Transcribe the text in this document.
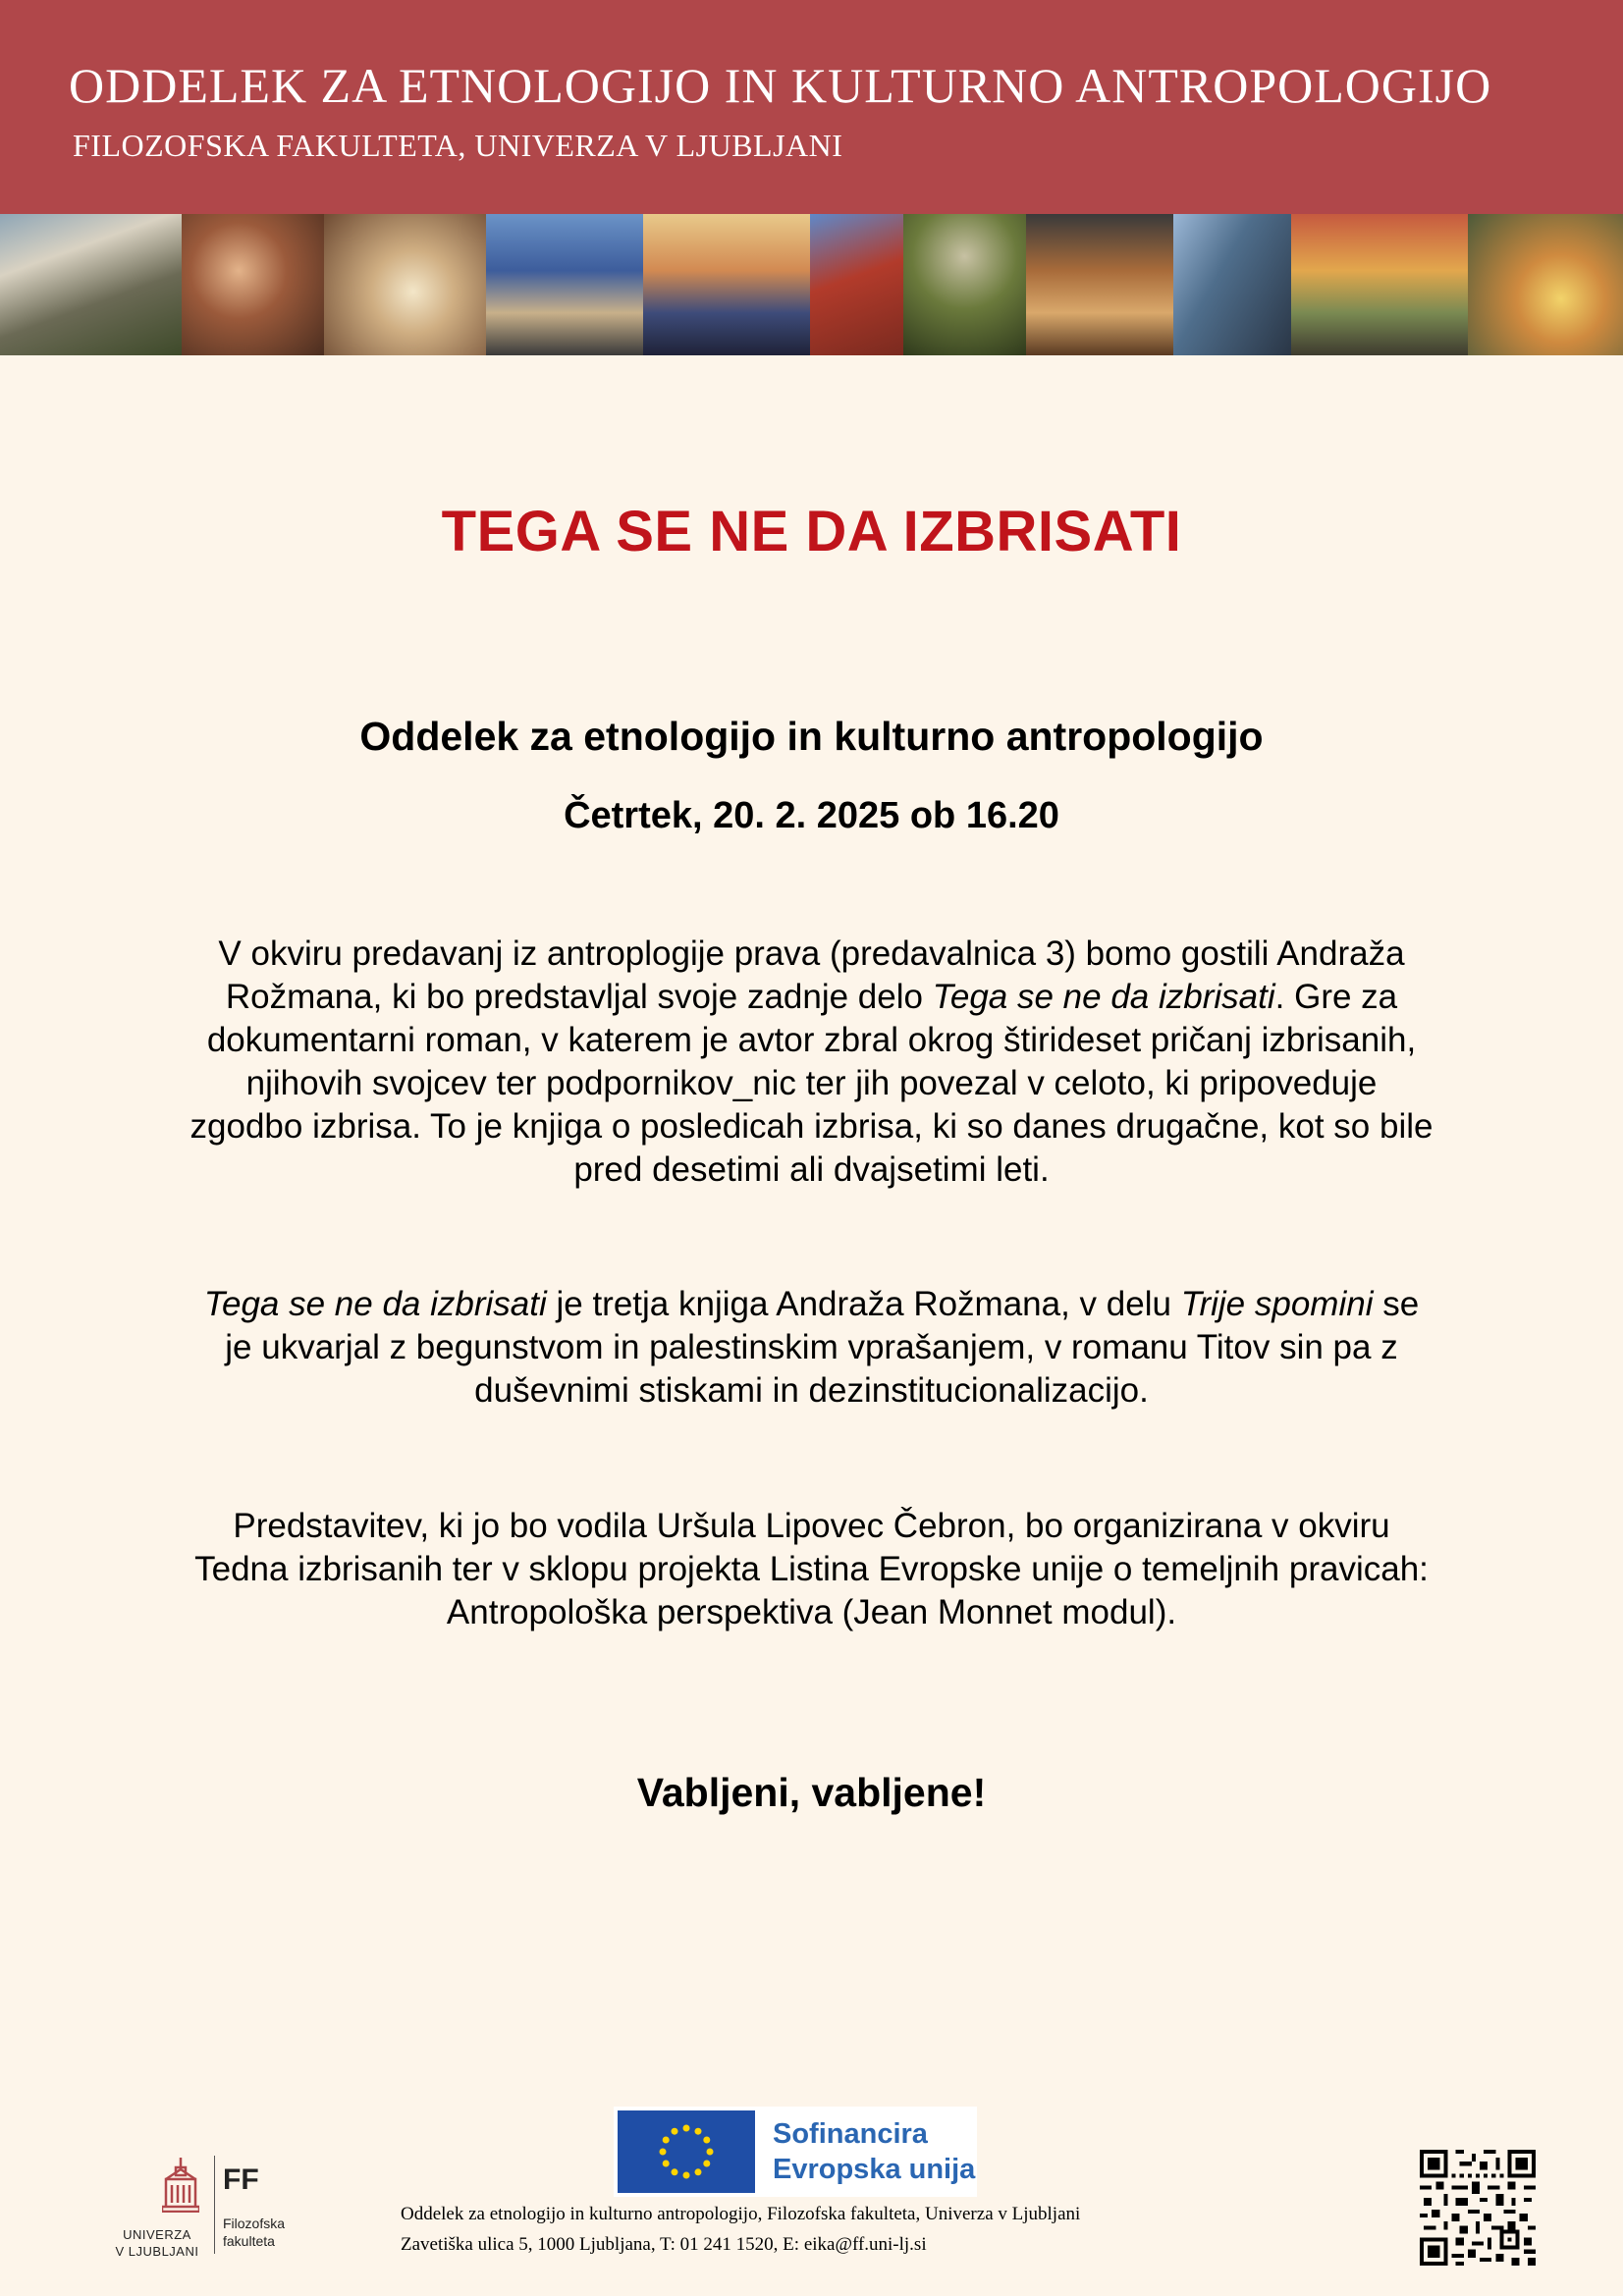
ODDELEK ZA ETNOLOGIJO IN KULTURNO ANTROPOLOGIJO
FILOZOFSKA FAKULTETA, UNIVERZA V LJUBLJANI
TEGA SE NE DA IZBRISATI
Oddelek za etnologijo in kulturno antropologijo
Četrtek, 20. 2. 2025 ob 16.20
V okviru predavanj iz antroplogije prava (predavalnica 3) bomo gostili Andraža Rožmana, ki bo predstavljal svoje zadnje delo Tega se ne da izbrisati. Gre za dokumentarni roman, v katerem je avtor zbral okrog štirideset pričanj izbrisanih, njihovih svojcev ter podpornikov_nic ter jih povezal v celoto, ki pripoveduje zgodbo izbrisa. To je knjiga o posledicah izbrisa, ki so danes drugačne, kot so bile pred desetimi ali dvajsetimi leti.
Tega se ne da izbrisati je tretja knjiga Andraža Rožmana, v delu Trije spomini se je ukvarjal z begunstvom in palestinskim vprašanjem, v romanu Titov sin pa z duševnimi stiskami in dezinstitucionalizacijo.
Predstavitev, ki jo bo vodila Uršula Lipovec Čebron, bo organizirana v okviru Tedna izbrisanih ter v sklopu projekta Listina Evropske unije o temeljnih pravicah: Antropološka perspektiva (Jean Monnet modul).
Vabljeni, vabljene!
UNIVERZA
V LJUBLJANI
FF
Filozofska
fakulteta
Sofinancira
Evropska unija
Oddelek za etnologijo in kulturno antropologijo, Filozofska fakulteta, Univerza v Ljubljani
Zavetiška ulica 5, 1000 Ljubljana, T: 01 241 1520, E: eika@ff.uni-lj.si
